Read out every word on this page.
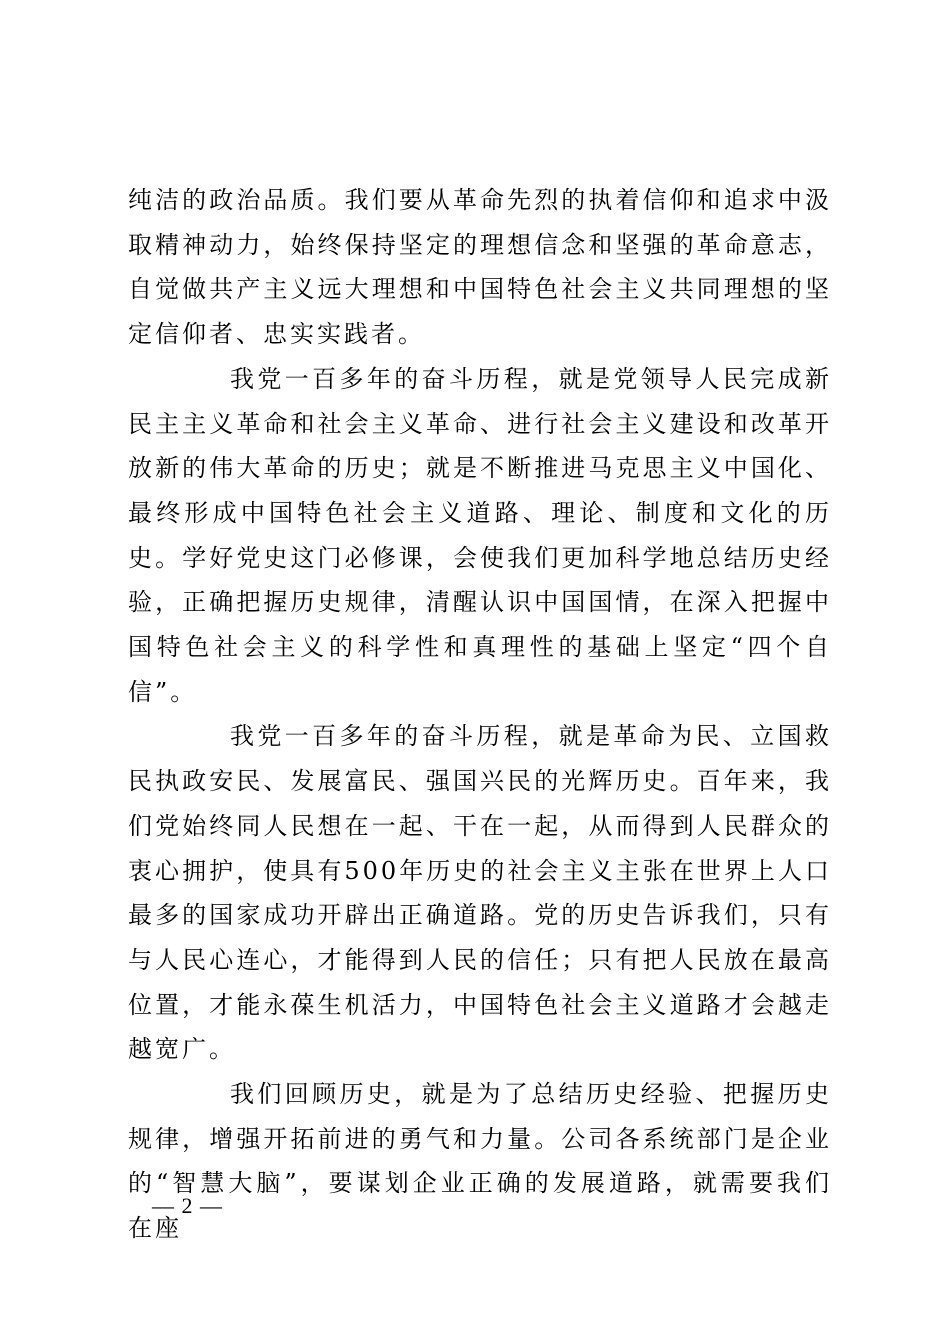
纯洁的政治品质。我们要从革命先烈的执着信仰和追求中汲取精神动力，始终保持坚定的理想信念和坚强的革命意志，自觉做共产主义远大理想和中国特色社会主义共同理想的坚定信仰者、忠实实践者。

我党一百多年的奋斗历程，就是党领导人民完成新民主主义革命和社会主义革命、进行社会主义建设和改革开放新的伟大革命的历史；就是不断推进马克思主义中国化、最终形成中国特色社会主义道路、理论、制度和文化的历史。学好党史这门必修课，会使我们更加科学地总结历史经验，正确把握历史规律，清醒认识中国国情，在深入把握中国特色社会主义的科学性和真理性的基础上坚定“四个自信”。

我党一百多年的奋斗历程，就是革命为民、立国救民执政安民、发展富民、强国兴民的光辉历史。百年来，我们党始终同人民想在一起、干在一起，从而得到人民群众的衷心拥护，使具有500年历史的社会主义主张在世界上人口最多的国家成功开辟出正确道路。党的历史告诉我们，只有与人民心连心，才能得到人民的信任；只有把人民放在最高位置，才能永葆生机活力，中国特色社会主义道路才会越走越宽广。

我们回顾历史，就是为了总结历史经验、把握历史规律，增强开拓前进的勇气和力量。公司各系统部门是企业的“智慧大脑”，要谋划企业正确的发展道路，就需要我们在座

— 2 —
